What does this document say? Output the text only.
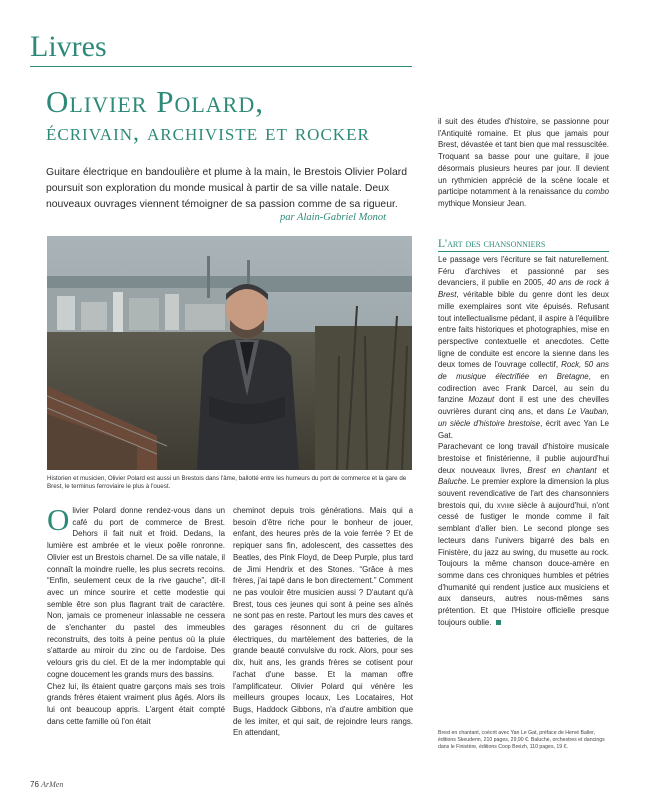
Livres
Olivier Polard,
écrivain, archiviste et rocker
Guitare électrique en bandoulière et plume à la main, le Brestois Olivier Polard poursuit son exploration du monde musical à partir de sa ville natale. Deux nouveaux ouvrages viennent témoigner de sa passion comme de sa rigueur.
par Alain-Gabriel Monot
Historien et musicien, Olivier Polard est aussi un Brestois dans l'âme, ballotté entre les humeurs du port de commerce et la gare de Brest, le terminus ferroviaire le plus à l'ouest.

Olivier Polard donne rendez-vous dans un café du port de commerce de Brest. Dehors il fait nuit et froid. Dedans, la lumière est ambrée et le vieux poêle ronronne. Olivier est un Brestois charnel. De sa ville natale, il connaît la moindre ruelle, les plus secrets recoins. “Enfin, seulement ceux de la rive gauche”, dit-il avec un mince sourire et cette modestie qui semble être son plus flagrant trait de caractère. Non, jamais ce promeneur inlassable ne cessera de s'enchanter du pastel des immeubles reconstruits, des toits à peine pentus où la pluie s'attarde au miroir du zinc ou de l'ardoise. Des velours gris du ciel. Et de la mer indomptable qui cogne doucement les grands murs des bassins.

Chez lui, ils étaient quatre garçons mais ses trois grands frères étaient vraiment plus âgés. Alors ils lui ont beaucoup appris. L'argent était compté dans cette famille où l'on était

cheminot depuis trois générations. Mais qui a besoin d'être riche pour le bonheur de jouer, enfant, des heures près de la voie ferrée ? Et de repiquer sans fin, adolescent, des cassettes des Beatles, des Pink Floyd, de Deep Purple, plus tard de Jimi Hendrix et des Stones. “Grâce à mes frères, j'ai tapé dans le bon directement.” Comment ne pas vouloir être musicien aussi ? D'autant qu'à Brest, tous ces jeunes qui sont à peine ses aînés ne sont pas en reste. Partout les murs des caves et des garages résonnent du cri de guitares électriques, du martèlement des batteries, de la grande beauté convulsive du rock. Alors, pour ses dix, huit ans, les grands frères se cotisent pour l'achat d'une basse. Et la maman offre l'amplificateur. Olivier Polard qui vénère les meilleurs groupes locaux, Les Locataires, Hot Bugs, Haddock Gibbons, n'a d'autre ambition que de les imiter, et qui sait, de rejoindre leurs rangs. En attendant,

il suit des études d'histoire, se passionne pour l'Antiquité romaine. Et plus que jamais pour Brest, dévastée et tant bien que mal ressuscitée. Troquant sa basse pour une guitare, il joue désormais plusieurs heures par jour. Il devient un rythmicien apprécié de la scène locale et participe notamment à la renaissance du combo mythique Monsieur Jean.

L'art des chansonniers

Le passage vers l'écriture se fait naturellement. Féru d'archives et passionné par ses devanciers, il publie en 2005, 40 ans de rock à Brest, véritable bible du genre dont les deux mille exemplaires sont vite épuisés. Refusant tout intellectualisme pédant, il aspire à l'équilibre entre faits historiques et photographies, mise en perspective contextuelle et anecdotes. Cette ligne de conduite est encore la sienne dans les deux tomes de l'ouvrage collectif, Rock, 50 ans de musique électrifiée en Bretagne, en codirection avec Frank Darcel, au sein du fanzine Mozaut dont il est une des chevilles ouvrières durant cinq ans, et dans Le Vauban, un siècle d'histoire brestoise, écrit avec Yan Le Gat.

Parachevant ce long travail d'histoire musicale brestoise et finistérienne, il publie aujourd'hui deux nouveaux livres, Brest en chantant et Baluche. Le premier explore la dimension la plus souvent revendicative de l'art des chansonniers brestois qui, du xviiie siècle à aujourd'hui, n'ont cessé de fustiger le monde comme il fait semblant d'aller bien. Le second plonge ses lecteurs dans l'univers bigarré des bals en Finistère, du jazz au swing, du musette au rock. Toujours la même chanson douce-amère en somme dans ces chroniques humbles et pétries d'humanité qui rendent justice aux musiciens et aux danseurs, autres nous-mêmes sans prétention. Et que l'Histoire officielle presque toujours oublie.

Brest en chantant, coécrit avec Yan Le Gat, préface de Hervé Baller, éditions Skeudenn, 210 pages, 29,90 €. Baluche, orchestres et dancings dans le Finistère, éditions Coop Breizh, 110 pages, 19 €.
76 ArMen
